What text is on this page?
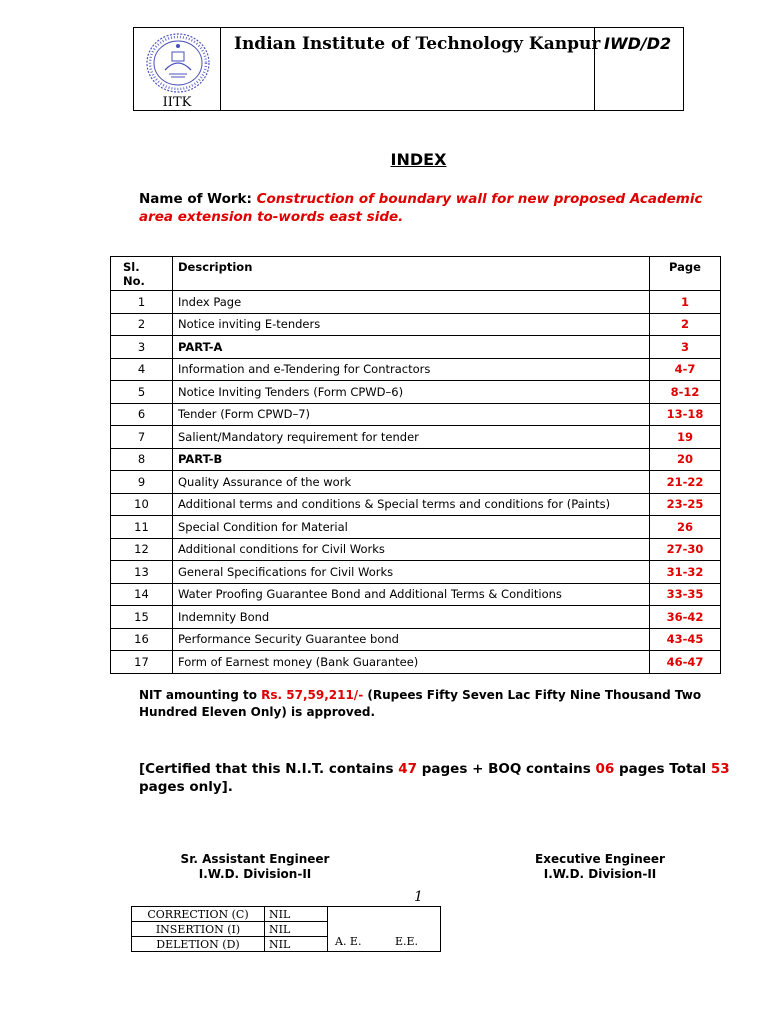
IITK
Indian Institute of Technology Kanpur IWD/D2
INDEX
Name of Work: Construction of boundary wall for new proposed Academic area extension to-words east side.
Sl.
No.	Description	Page
1	Index Page	1
2	Notice inviting E-tenders	2
3	PART-A	3
4	Information and e-Tendering for Contractors	4-7
5	Notice Inviting Tenders (Form CPWD–6)	8-12
6	Tender (Form CPWD–7)	13-18
7	Salient/Mandatory requirement for tender	19
8	PART-B	20
9	Quality Assurance of the work	21-22
10	Additional terms and conditions & Special terms and conditions for (Paints)	23-25
11	Special Condition for Material	26
12	Additional conditions for Civil Works	27-30
13	General Specifications for Civil Works	31-32
14	Water Proofing Guarantee Bond and Additional Terms & Conditions	33-35
15	Indemnity Bond	36-42
16	Performance Security Guarantee bond	43-45
17	Form of Earnest money (Bank Guarantee)	46-47
NIT amounting to Rs. 57,59,211/- (Rupees Fifty Seven Lac Fifty Nine Thousand Two Hundred Eleven Only) is approved.
[Certified that this N.I.T. contains 47 pages + BOQ contains 06 pages Total 53 pages only].
Sr. Assistant Engineer
I.W.D. Division-II
Executive Engineer
I.W.D. Division-II
1
CORRECTION (C)	NIL	A. E. E.E.
INSERTION (I)	NIL	
DELETION (D)	NIL	
